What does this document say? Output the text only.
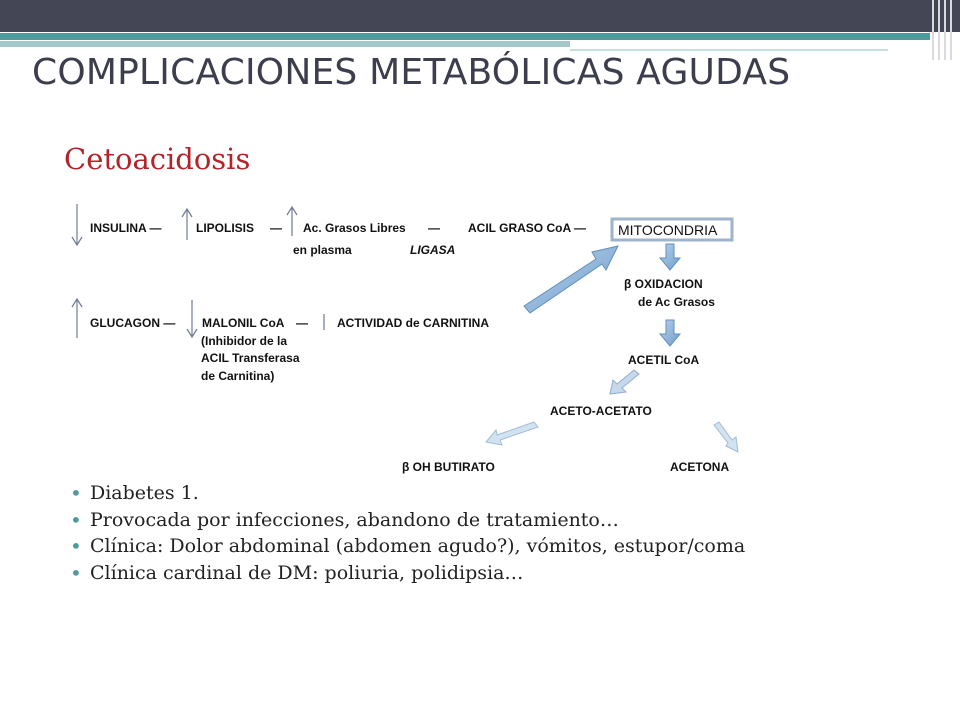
COMPLICACIONES METABÓLICAS AGUDAS
Cetoacidosis
INSULINA —	LIPOLISIS — Ac. Grasos Libres
en plasma
— ACIL GRASO CoA —
LIGASA
MITOCONDRIA
GLUCAGON — MALONIL CoA —
(Inhibidor de la
ACIL Transferasa
de Carnitina)
ACTIVIDAD de CARNITINA
β OXIDACION
de Ac Grasos
ACETIL CoA
ACETO-ACETATO
β OH BUTIRATO	ACETONA
• Diabetes 1.
• Provocada por infecciones, abandono de tratamiento…
• Clínica: Dolor abdominal (abdomen agudo?), vómitos, estupor/coma
• Clínica cardinal de DM: poliuria, polidipsia…
